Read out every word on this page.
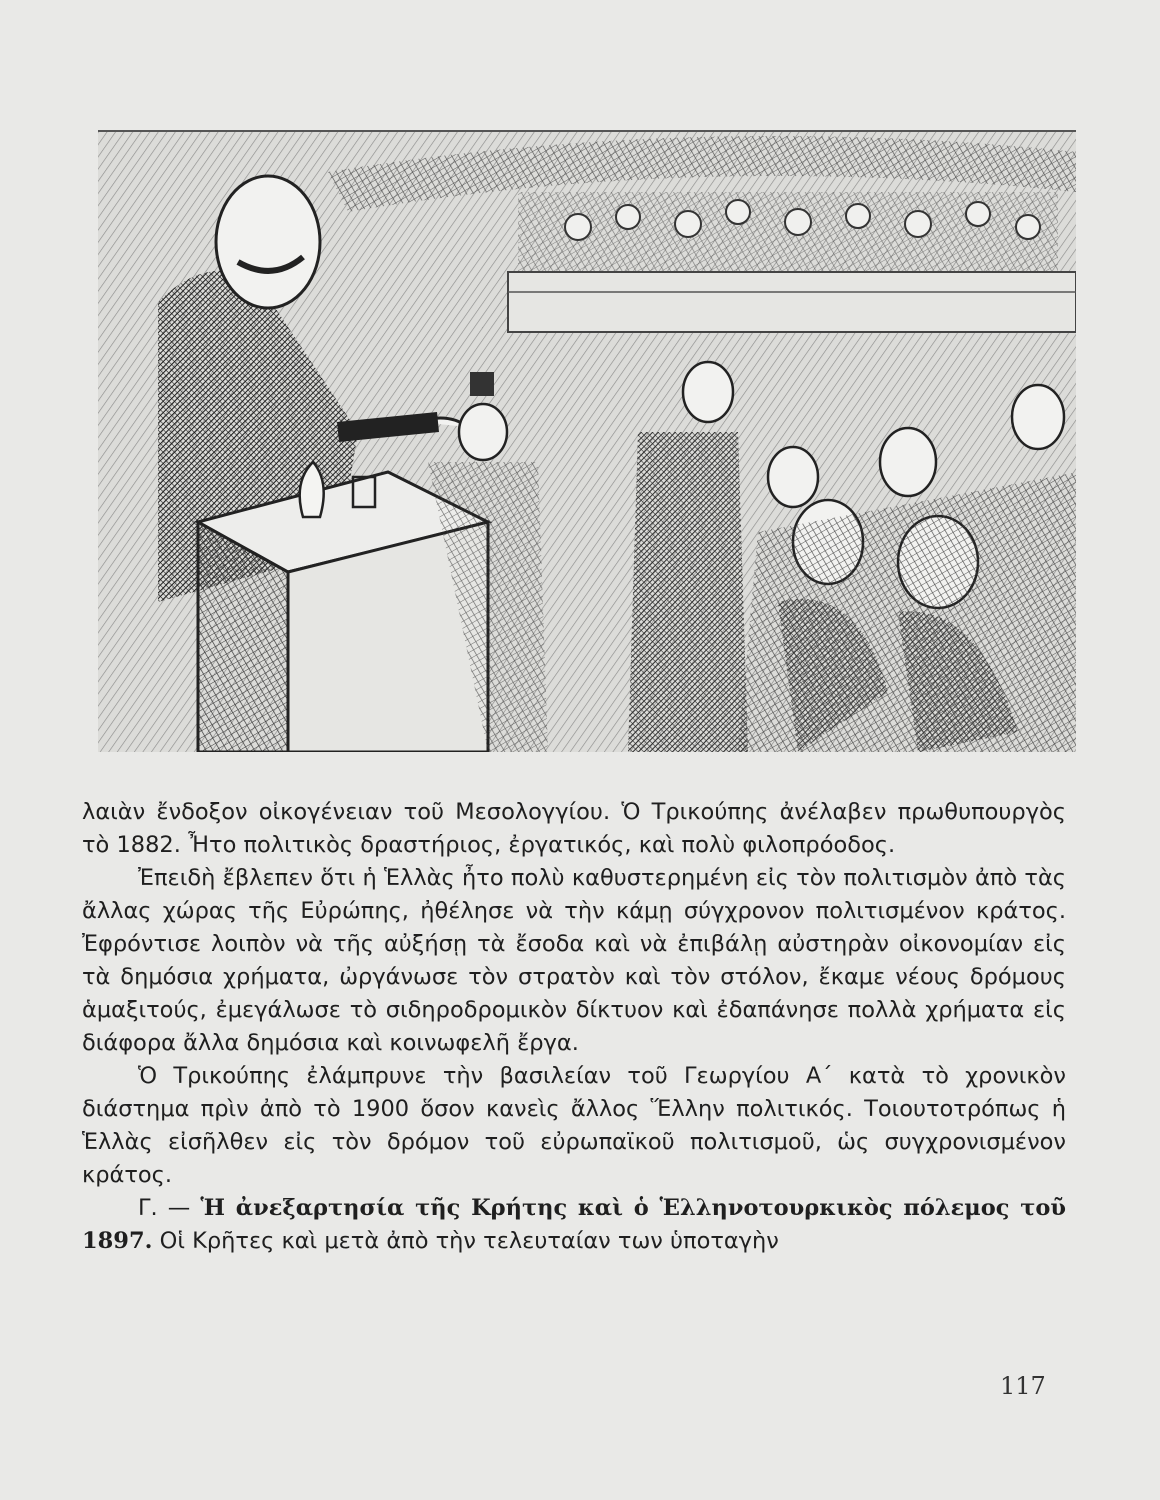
λαιὰν ἔνδοξον οἰκογένειαν τοῦ Μεσολογγίου. Ὁ Τρικούπης ἀνέλαβεν πρωθυπουργὸς τὸ 1882. Ἦτο πολιτικὸς δραστήριος, ἐργατικός, καὶ πολὺ φιλοπρόοδος.

Ἐπειδὴ ἔβλεπεν ὅτι ἡ Ἑλλὰς ἦτο πολὺ καθυστερημένη εἰς τὸν πολιτισμὸν ἀπὸ τὰς ἄλλας χώρας τῆς Εὐρώπης, ἠθέλησε νὰ τὴν κάμῃ σύγχρονον πολιτισμένον κράτος. Ἐφρόντισε λοιπὸν νὰ τῆς αὐξήσῃ τὰ ἔσοδα καὶ νὰ ἐπιβάλῃ αὐστηρὰν οἰκονομίαν εἰς τὰ δημόσια χρήματα, ὠργάνωσε τὸν στρατὸν καὶ τὸν στόλον, ἔκαμε νέους δρόμους ἁμαξιτούς, ἐμεγάλωσε τὸ σιδηροδρομικὸν δίκτυον καὶ ἐδαπάνησε πολλὰ χρήματα εἰς διάφορα ἄλλα δημόσια καὶ κοινωφελῆ ἔργα.

Ὁ Τρικούπης ἐλάμπρυνε τὴν βασιλείαν τοῦ Γεωργίου Α΄ κατὰ τὸ χρονικὸν διάστημα πρὶν ἀπὸ τὸ 1900 ὅσον κανεὶς ἄλλος Ἕλλην πολιτικός. Τοιουτοτρόπως ἡ Ἑλλὰς εἰσῆλθεν εἰς τὸν δρόμον τοῦ εὐρωπαϊκοῦ πολιτισμοῦ, ὡς συγχρονισμένον κράτος.

Γ. — Ἡ ἀνεξαρτησία τῆς Κρήτης καὶ ὁ Ἑλληνοτουρκικὸς πόλεμος τοῦ 1897. Οἱ Κρῆτες καὶ μετὰ ἀπὸ τὴν τελευταίαν των ὑποταγὴν

117
